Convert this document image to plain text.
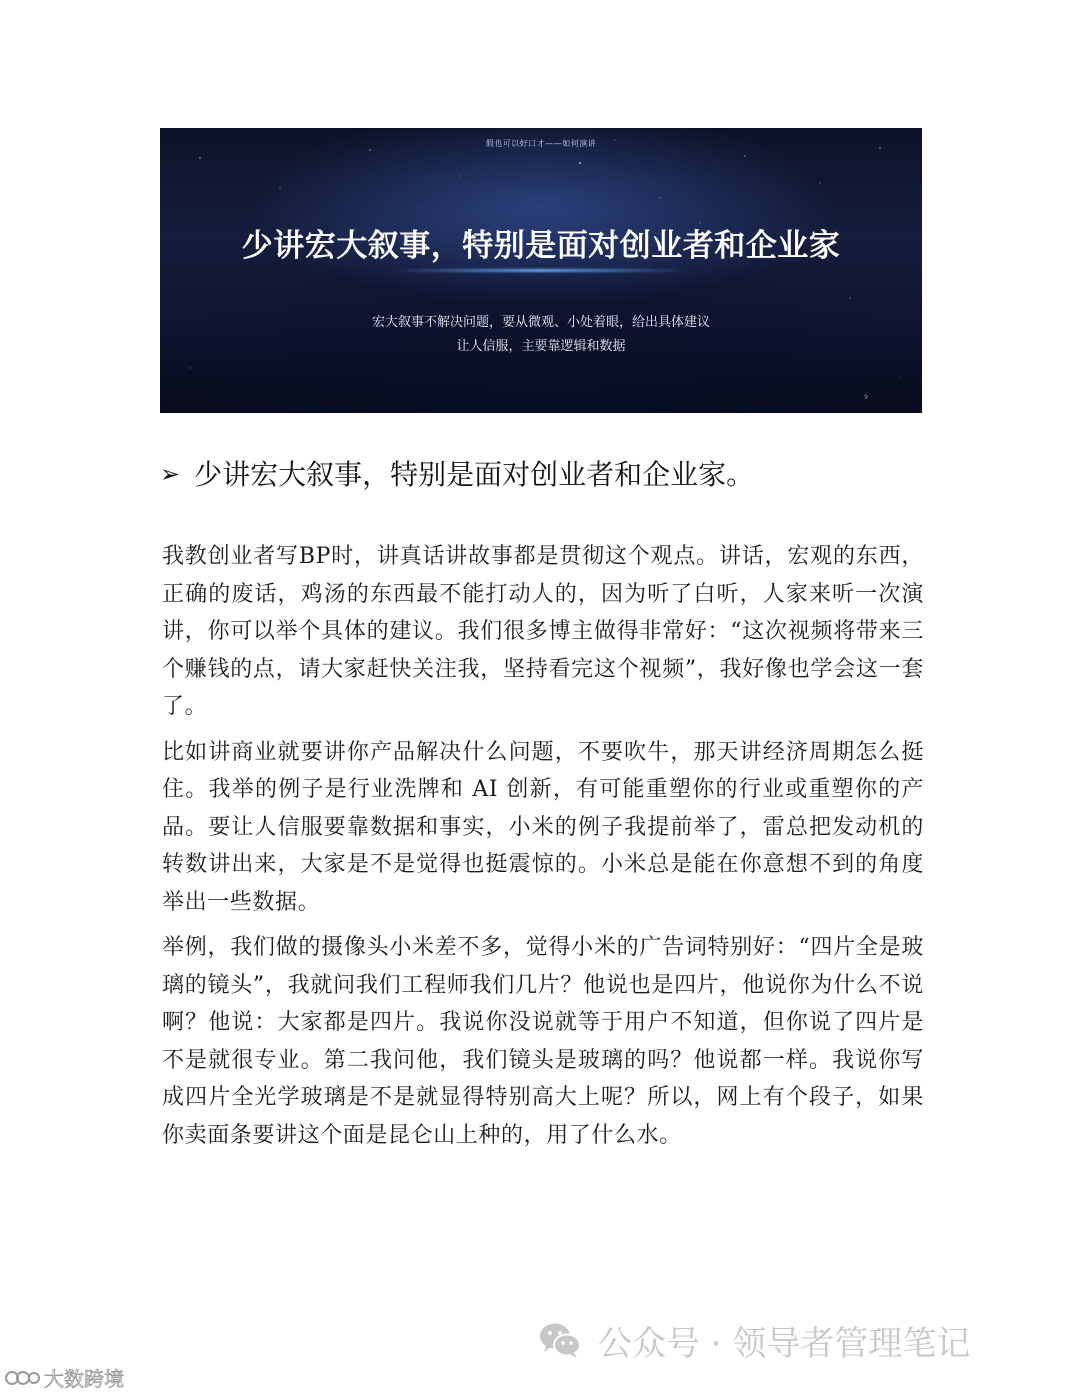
假也可以好口才——如何演讲
少讲宏大叙事，特别是面对创业者和企业家
宏大叙事不解决问题，要从微观、小处着眼，给出具体建议
让人信服，主要靠逻辑和数据
9
➢ 少讲宏大叙事，特别是面对创业者和企业家。

我教创业者写BP时，讲真话讲故事都是贯彻这个观点。讲话，宏观的东西，正确的废话，鸡汤的东西最不能打动人的，因为听了白听，人家来听一次演讲，你可以举个具体的建议。我们很多博主做得非常好：“这次视频将带来三个赚钱的点，请大家赶快关注我，坚持看完这个视频”，我好像也学会这一套了。

比如讲商业就要讲你产品解决什么问题，不要吹牛，那天讲经济周期怎么挺住。我举的例子是行业洗牌和 AI 创新，有可能重塑你的行业或重塑你的产品。要让人信服要靠数据和事实，小米的例子我提前举了，雷总把发动机的转数讲出来，大家是不是觉得也挺震惊的。小米总是能在你意想不到的角度举出一些数据。

举例，我们做的摄像头小米差不多，觉得小米的广告词特别好：“四片全是玻璃的镜头”，我就问我们工程师我们几片？他说也是四片，他说你为什么不说啊？他说：大家都是四片。我说你没说就等于用户不知道，但你说了四片是不是就很专业。第二我问他，我们镜头是玻璃的吗？他说都一样。我说你写成四片全光学玻璃是不是就显得特别高大上呢？所以，网上有个段子，如果你卖面条要讲这个面是昆仑山上种的，用了什么水。

公众号 · 领导者管理笔记
大数跨境
